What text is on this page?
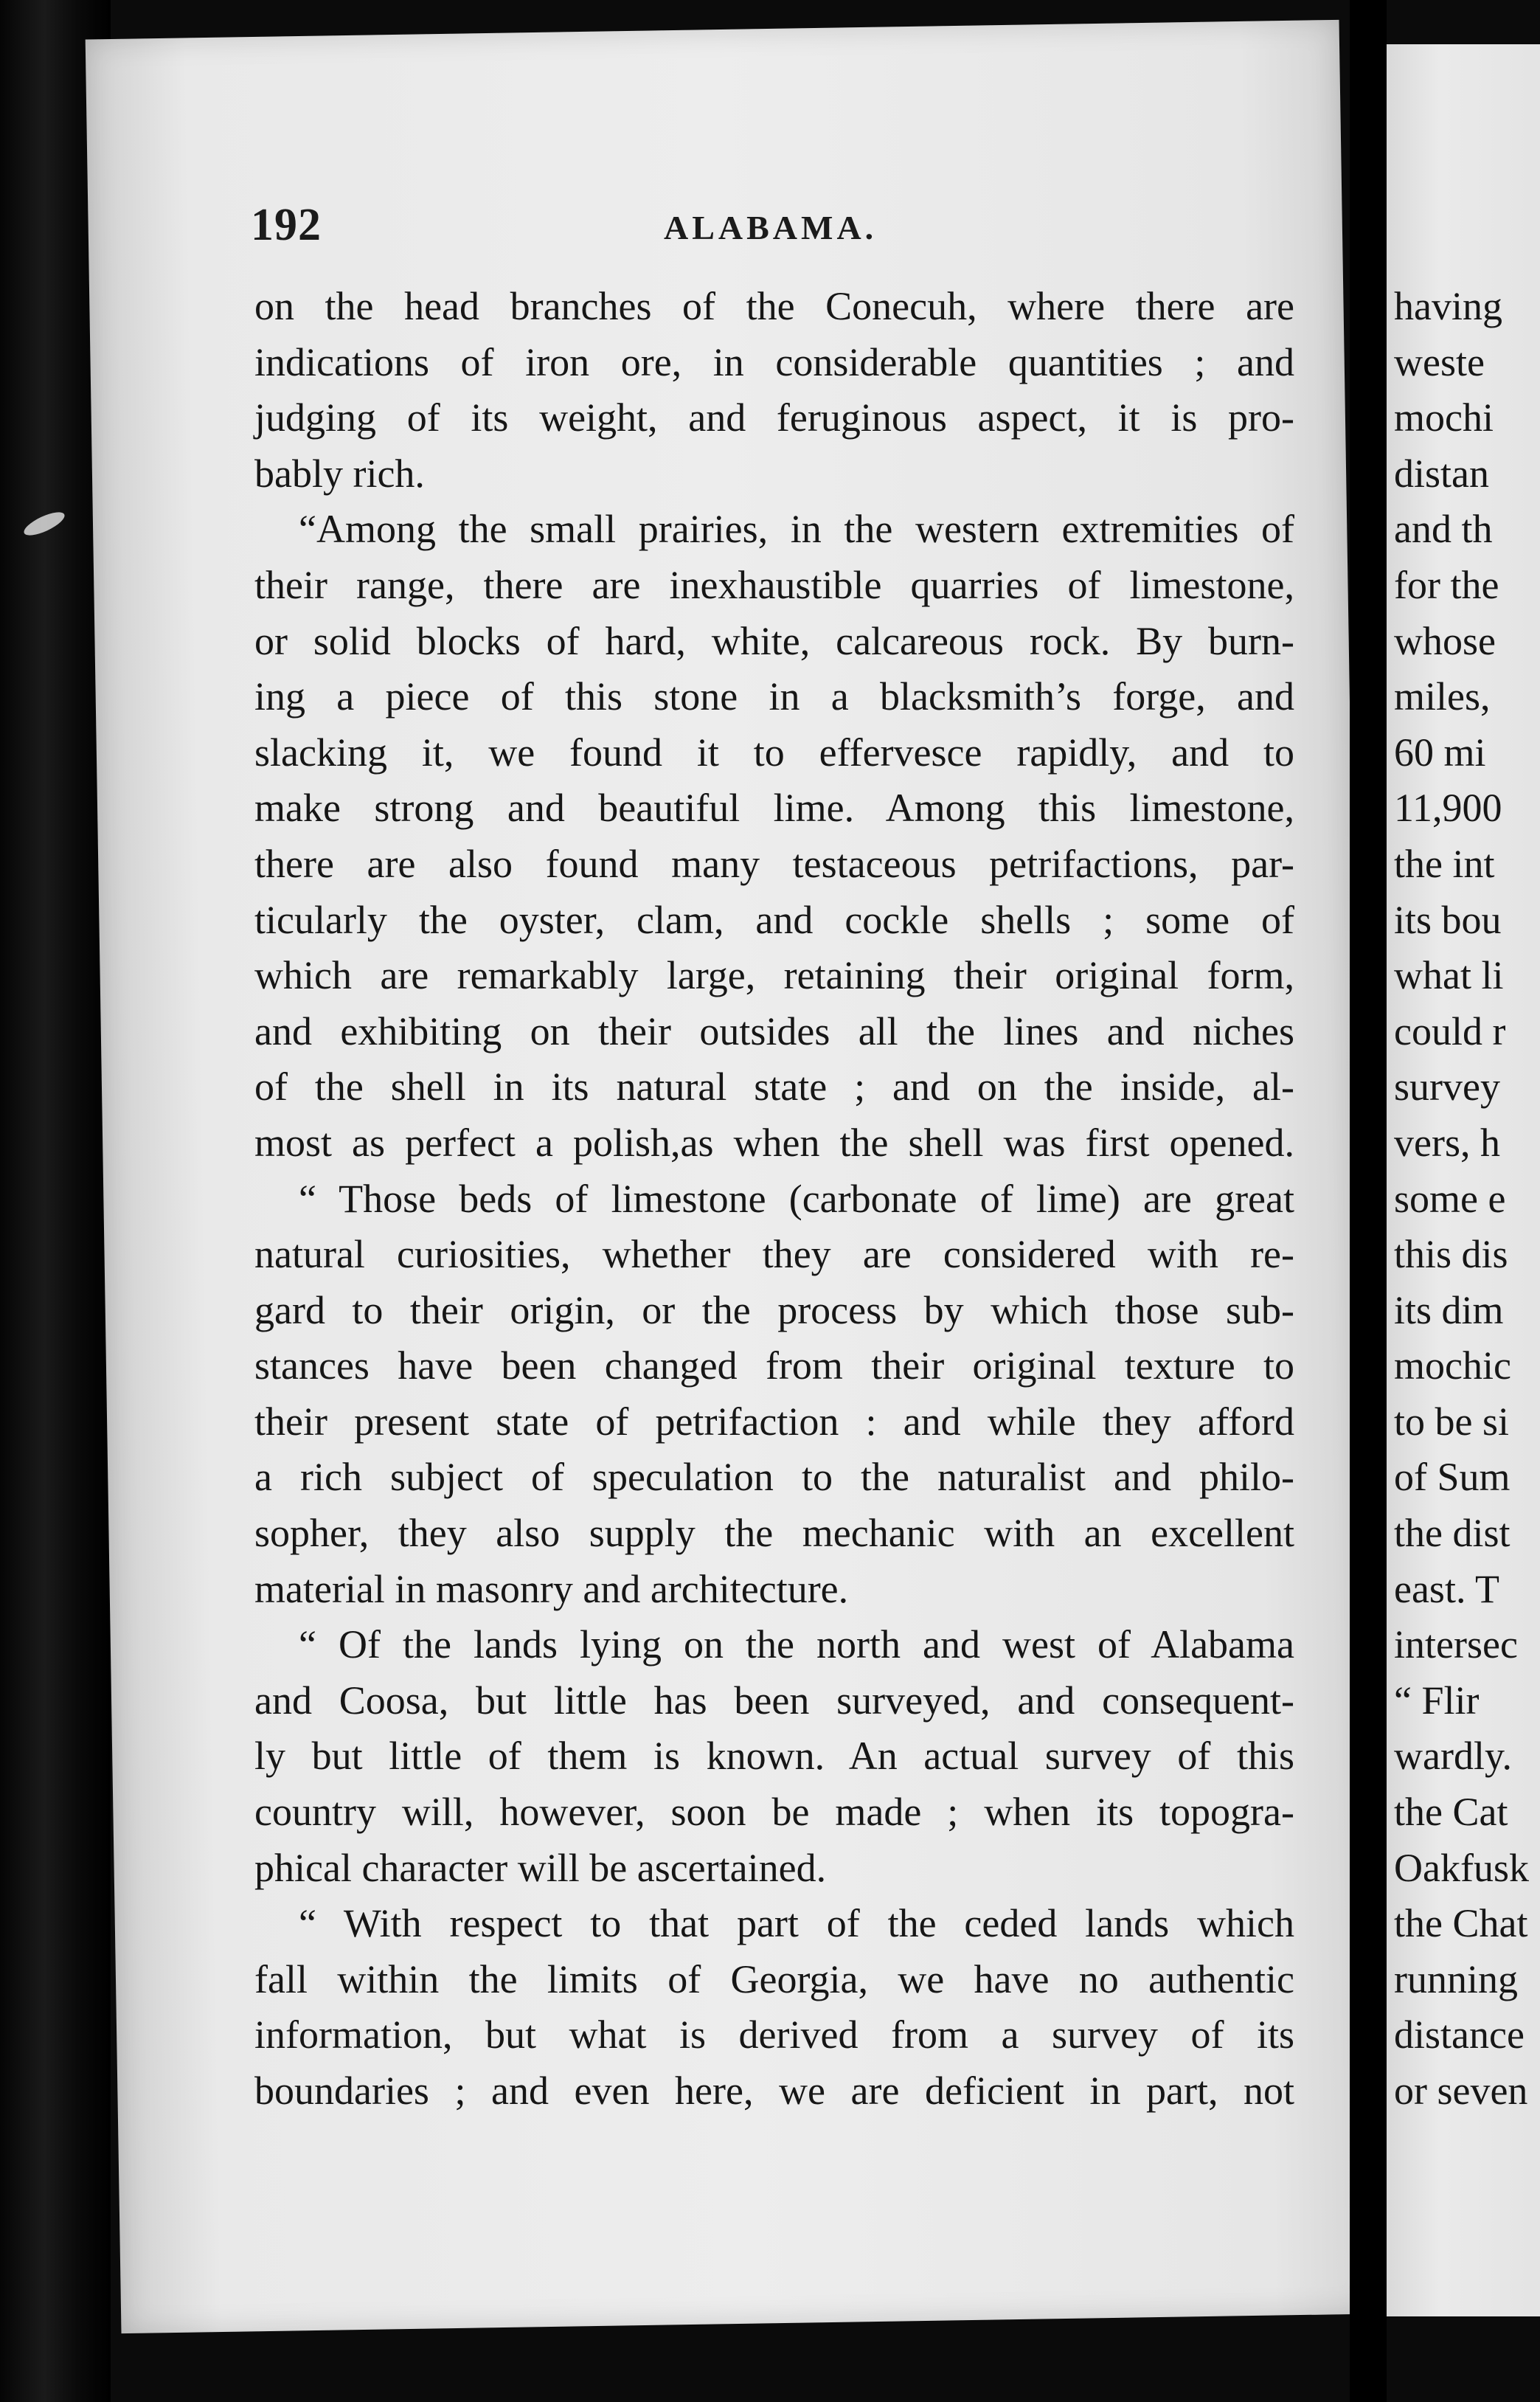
192	ALABAMA.
on the head branches of the Conecuh, where there are
indications of iron ore, in considerable quantities ; and
judging of its weight, and feruginous aspect, it is pro-
bably rich.
“Among the small prairies, in the western extremities of
their range, there are inexhaustible quarries of limestone,
or solid blocks of hard, white, calcareous rock. By burn-
ing a piece of this stone in a blacksmith’s forge, and
slacking it, we found it to effervesce rapidly, and to
make strong and beautiful lime. Among this limestone,
there are also found many testaceous petrifactions, par-
ticularly the oyster, clam, and cockle shells ; some of
which are remarkably large, retaining their original form,
and exhibiting on their outsides all the lines and niches
of the shell in its natural state ; and on the inside, al-
most as perfect a polish,as when the shell was first opened.
“ Those beds of limestone (carbonate of lime) are great
natural curiosities, whether they are considered with re-
gard to their origin, or the process by which those sub-
stances have been changed from their original texture to
their present state of petrifaction : and while they afford
a rich subject of speculation to the naturalist and philo-
sopher, they also supply the mechanic with an excellent
material in masonry and architecture.
“ Of the lands lying on the north and west of Alabama
and Coosa, but little has been surveyed, and consequent-
ly but little of them is known. An actual survey of this
country will, however, soon be made ; when its topogra-
phical character will be ascertained.
“ With respect to that part of the ceded lands which
fall within the limits of Georgia, we have no authentic
information, but what is derived from a survey of its
boundaries ; and even here, we are deficient in part, not
having
weste
mochi
distan
and th
for the
whose
miles,
60 mi
11,900
the int
its bou
what li
could r
survey
vers, h
some e
this dis
its dim
mochic
to be si
of Sum
the dist
east. T
intersec
“ Flir
wardly.
the Cat
Oakfusk
the Chat
running
distance
or seven
